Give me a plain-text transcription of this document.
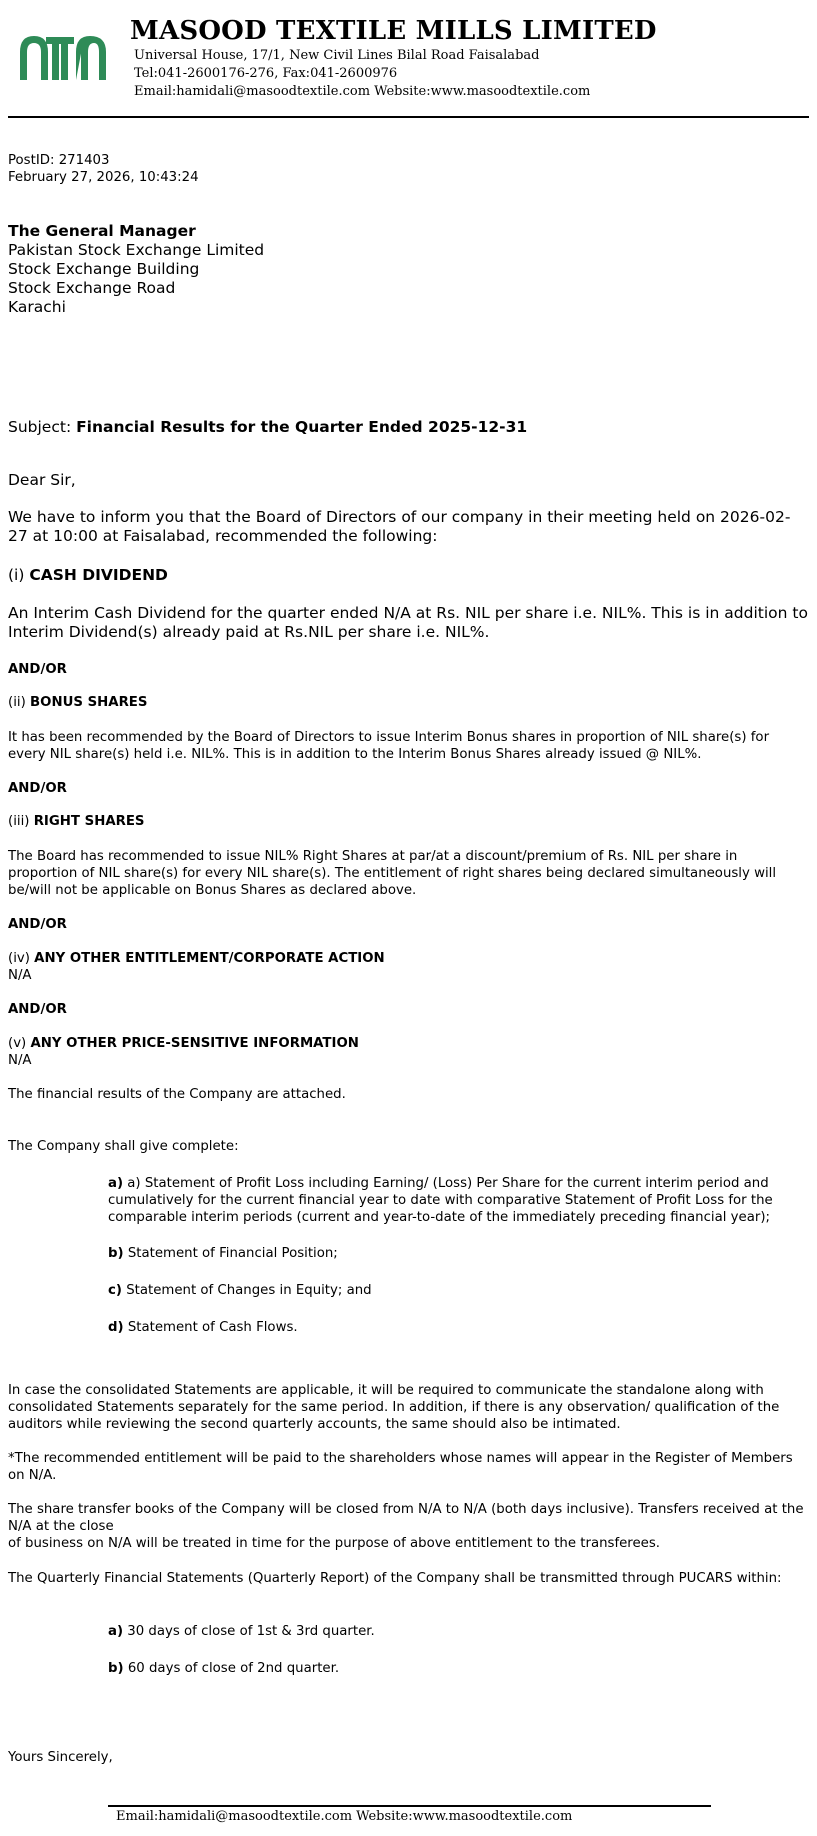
MASOOD TEXTILE MILLS LIMITED
Universal House, 17/1, New Civil Lines Bilal Road Faisalabad
Tel:041-2600176-276, Fax:041-2600976
Email:hamidali@masoodtextile.com Website:www.masoodtextile.com
PostID: 271403
February 27, 2026, 10:43:24
The General Manager
Pakistan Stock Exchange Limited
Stock Exchange Building
Stock Exchange Road
Karachi
Subject: Financial Results for the Quarter Ended 2025-12-31
Dear Sir,
We have to inform you that the Board of Directors of our company in their meeting held on 2026-02-27 at 10:00 at Faisalabad, recommended the following:
(i) CASH DIVIDEND
An Interim Cash Dividend for the quarter ended N/A at Rs. NIL per share i.e. NIL%. This is in addition to Interim Dividend(s) already paid at Rs.NIL per share i.e. NIL%.
AND/OR
(ii) BONUS SHARES
It has been recommended by the Board of Directors to issue Interim Bonus shares in proportion of NIL share(s) for every NIL share(s) held i.e. NIL%. This is in addition to the Interim Bonus Shares already issued @ NIL%.
AND/OR
(iii) RIGHT SHARES
The Board has recommended to issue NIL% Right Shares at par/at a discount/premium of Rs. NIL per share in proportion of NIL share(s) for every NIL share(s). The entitlement of right shares being declared simultaneously will be/will not be applicable on Bonus Shares as declared above.
AND/OR
(iv) ANY OTHER ENTITLEMENT/CORPORATE ACTION
N/A
AND/OR
(v) ANY OTHER PRICE-SENSITIVE INFORMATION
N/A
The financial results of the Company are attached.
The Company shall give complete:
a) a) Statement of Profit Loss including Earning/ (Loss) Per Share for the current interim period and cumulatively for the current financial year to date with comparative Statement of Profit Loss for the comparable interim periods (current and year-to-date of the immediately preceding financial year);
b) Statement of Financial Position;
c) Statement of Changes in Equity; and
d) Statement of Cash Flows.
In case the consolidated Statements are applicable, it will be required to communicate the standalone along with consolidated Statements separately for the same period. In addition, if there is any observation/ qualification of the auditors while reviewing the second quarterly accounts, the same should also be intimated.
*The recommended entitlement will be paid to the shareholders whose names will appear in the Register of Members on N/A.
The share transfer books of the Company will be closed from N/A to N/A (both days inclusive). Transfers received at the N/A at the close
of business on N/A will be treated in time for the purpose of above entitlement to the transferees.
The Quarterly Financial Statements (Quarterly Report) of the Company shall be transmitted through PUCARS within:
a) 30 days of close of 1st & 3rd quarter.
b) 60 days of close of 2nd quarter.
Yours Sincerely,
Email:hamidali@masoodtextile.com Website:www.masoodtextile.com
